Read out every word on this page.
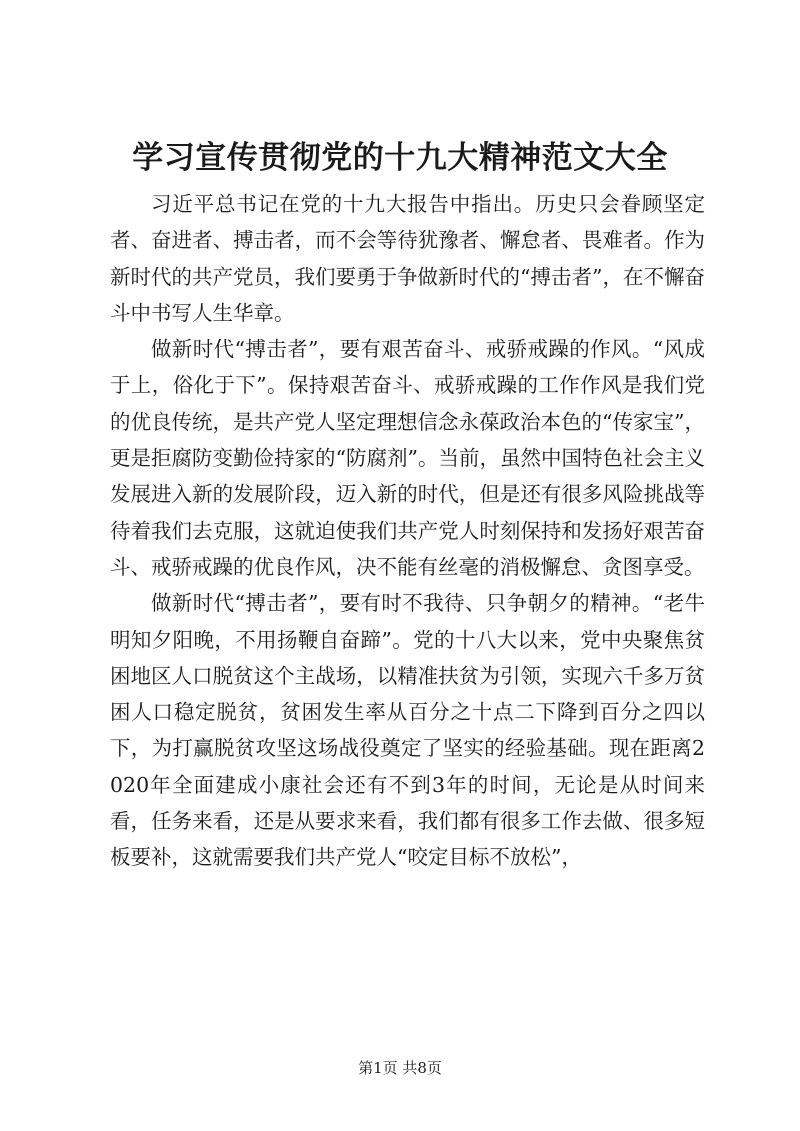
学习宣传贯彻党的十九大精神范文大全

习近平总书记在党的十九大报告中指出。历史只会眷顾坚定者、奋进者、搏击者，而不会等待犹豫者、懈怠者、畏难者。作为新时代的共产党员，我们要勇于争做新时代的“搏击者”，在不懈奋斗中书写人生华章。

做新时代“搏击者”，要有艰苦奋斗、戒骄戒躁的作风。“风成于上，俗化于下”。保持艰苦奋斗、戒骄戒躁的工作作风是我们党的优良传统，是共产党人坚定理想信念永葆政治本色的“传家宝”，更是拒腐防变勤俭持家的“防腐剂”。当前，虽然中国特色社会主义发展进入新的发展阶段，迈入新的时代，但是还有很多风险挑战等待着我们去克服，这就迫使我们共产党人时刻保持和发扬好艰苦奋斗、戒骄戒躁的优良作风，决不能有丝毫的消极懈怠、贪图享受。

做新时代“搏击者”，要有时不我待、只争朝夕的精神。“老牛明知夕阳晚，不用扬鞭自奋蹄”。党的十八大以来，党中央聚焦贫困地区人口脱贫这个主战场，以精准扶贫为引领，实现六千多万贫困人口稳定脱贫，贫困发生率从百分之十点二下降到百分之四以下，为打赢脱贫攻坚这场战役奠定了坚实的经验基础。现在距离2020年全面建成小康社会还有不到3年的时间，无论是从时间来看，任务来看，还是从要求来看，我们都有很多工作去做、很多短板要补，这就需要我们共产党人“咬定目标不放松”，

第1页 共8页
